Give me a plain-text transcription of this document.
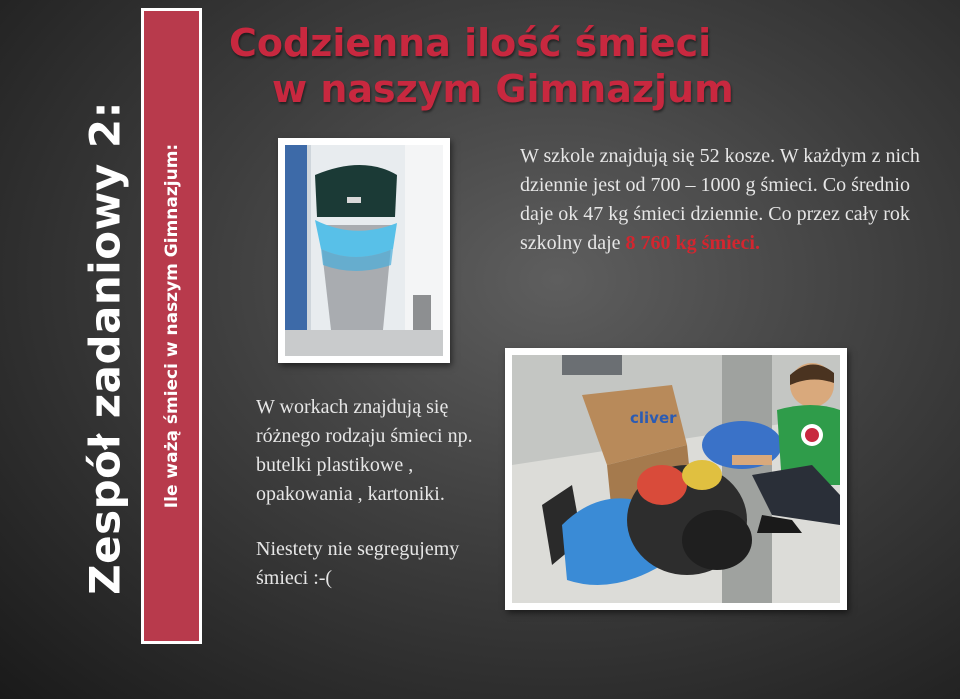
Zespół zadaniowy 2: Ile ważą śmieci w naszym Gimnazjum:
Codzienna ilość śmieci
w naszym Gimnazjum
cliver

W szkole znajdują się 52 kosze. W każdym z nich dziennie jest od 700 – 1000 g śmieci. Co średnio daje ok 47 kg śmieci dziennie. Co przez cały rok szkolny daje 8 760 kg śmieci.

W workach znajdują się różnego rodzaju śmieci np. butelki plastikowe , opakowania , kartoniki.

Niestety nie segregujemy śmieci :-(
